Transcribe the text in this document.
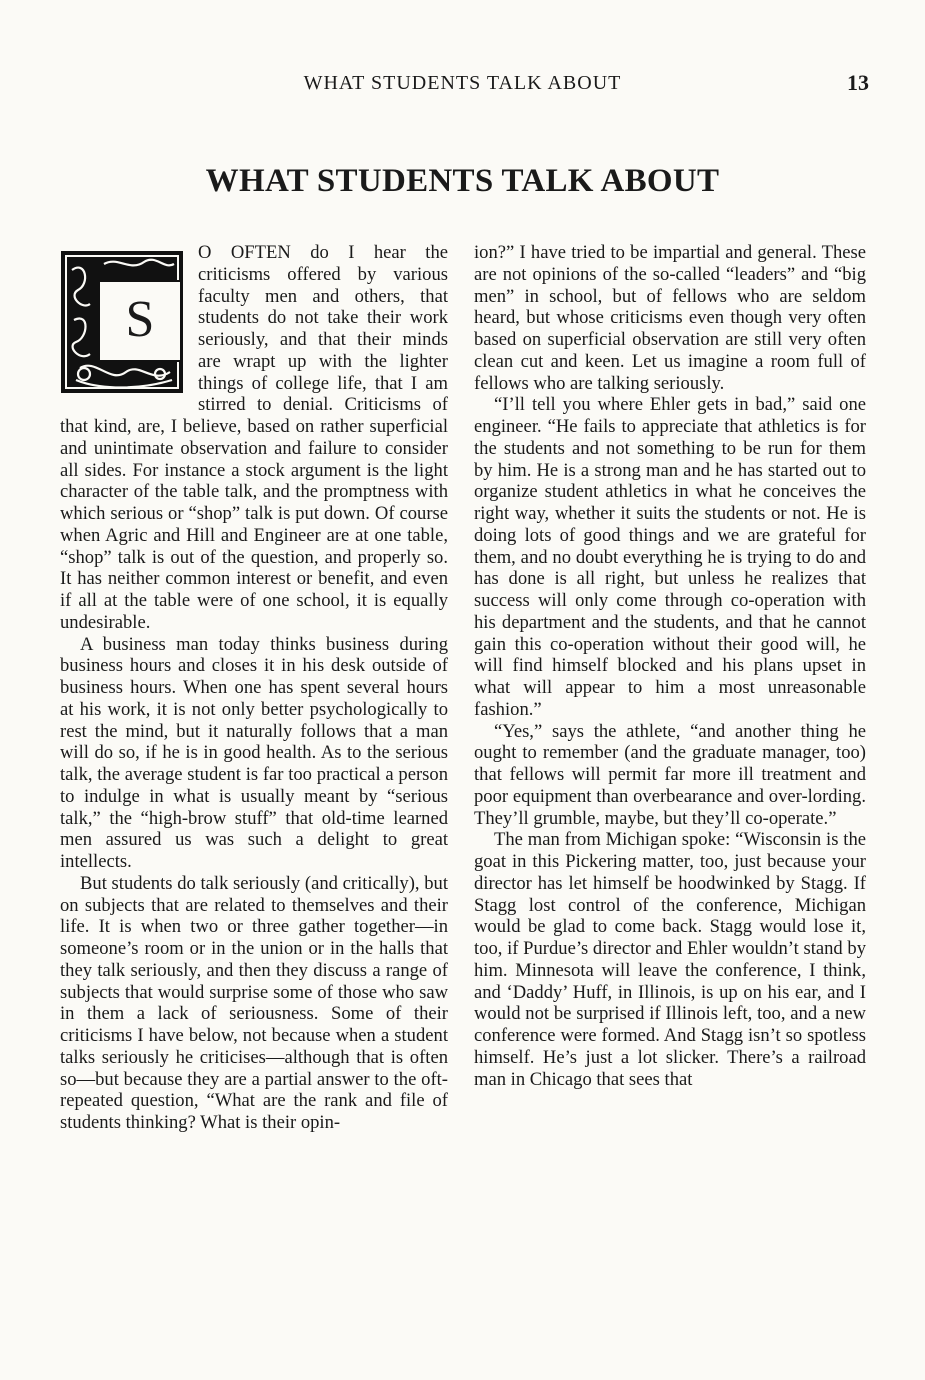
WHAT STUDENTS TALK ABOUT	13
WHAT STUDENTS TALK ABOUT

S
O OFTEN do I hear the criticisms offered by various faculty men and others, that students do not take their work seriously, and that their minds are wrapt up with the lighter things of college life, that I am stirred to denial. Criticisms of that kind, are, I believe, based on rather superficial and unintimate observation and failure to consider all sides. For instance a stock argument is the light character of the table talk, and the promptness with which serious or “shop” talk is put down. Of course when Agric and Hill and Engineer are at one table, “shop” talk is out of the question, and properly so. It has neither common interest or benefit, and even if all at the table were of one school, it is equally undesirable.

A business man today thinks business during business hours and closes it in his desk outside of business hours. When one has spent several hours at his work, it is not only better psychologically to rest the mind, but it naturally follows that a man will do so, if he is in good health. As to the serious talk, the average student is far too practical a person to indulge in what is usually meant by “serious talk,” the “high-brow stuff” that old-time learned men assured us was such a delight to great intellects.

But students do talk seriously (and critically), but on subjects that are related to themselves and their life. It is when two or three gather together—in someone’s room or in the union or in the halls that they talk seriously, and then they discuss a range of subjects that would surprise some of those who saw in them a lack of seriousness. Some of their criticisms I have below, not because when a student talks seriously he criticises—although that is often so—but because they are a partial answer to the oft-repeated question, “What are the rank and file of students thinking? What is their opin-

ion?” I have tried to be impartial and general. These are not opinions of the so-called “leaders” and “big men” in school, but of fellows who are seldom heard, but whose criticisms even though very often based on superficial observation are still very often clean cut and keen. Let us imagine a room full of fellows who are talking seriously.

“I’ll tell you where Ehler gets in bad,” said one engineer. “He fails to appreciate that athletics is for the students and not something to be run for them by him. He is a strong man and he has started out to organize student athletics in what he conceives the right way, whether it suits the students or not. He is doing lots of good things and we are grateful for them, and no doubt everything he is trying to do and has done is all right, but unless he realizes that success will only come through co-operation with his department and the students, and that he cannot gain this co-operation without their good will, he will find himself blocked and his plans upset in what will appear to him a most unreasonable fashion.”

“Yes,” says the athlete, “and another thing he ought to remember (and the graduate manager, too) that fellows will permit far more ill treatment and poor equipment than overbearance and over-lording. They’ll grumble, maybe, but they’ll co-operate.”

The man from Michigan spoke: “Wisconsin is the goat in this Pickering matter, too, just because your director has let himself be hoodwinked by Stagg. If Stagg lost control of the conference, Michigan would be glad to come back. Stagg would lose it, too, if Purdue’s director and Ehler wouldn’t stand by him. Minnesota will leave the conference, I think, and ‘Daddy’ Huff, in Illinois, is up on his ear, and I would not be surprised if Illinois left, too, and a new conference were formed. And Stagg isn’t so spotless himself. He’s just a lot slicker. There’s a railroad man in Chicago that sees that
